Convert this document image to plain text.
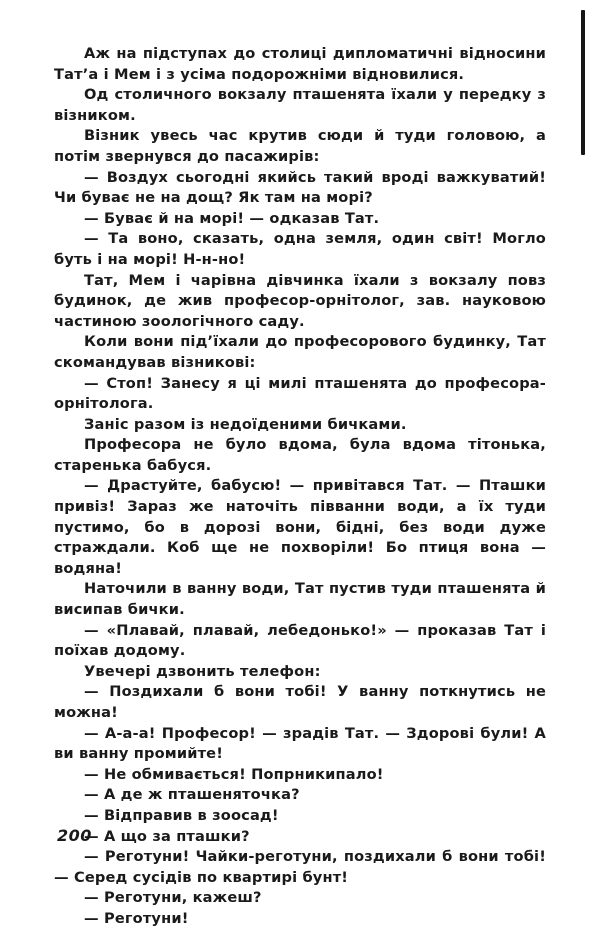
Аж на підступах до столиці дипломатичні відносини Тат’а і Мем і з усіма подорожніми відновилися.

Од столичного вокзалу пташенята їхали у передку з візником.

Візник увесь час крутив сюди й туди головою, а потім звернувся до пасажирів:

— Воздух сьогодні якийсь такий вроді важкуватий! Чи буває не на дощ? Як там на морі?

— Буває й на морі! — одказав Тат.

— Та воно, сказать, одна земля, один світ! Могло буть і на морі! Н-н-но!

Тат, Мем і чарівна дівчинка їхали з вокзалу повз будинок, де жив професор-орнітолог, зав. науковою частиною зоологічного саду.

Коли вони під’їхали до професорового будинку, Тат скомандував візникові:

— Стоп! Занесу я ці милі пташенята до професора-орнітолога.

Заніс разом із недоїденими бичками.

Професора не було вдома, була вдома тітонька, старенька бабуся.

— Драстуйте, бабусю! — привітався Тат. — Пташки привіз! Зараз же наточіть півванни води, а їх туди пустимо, бо в дорозі вони, бідні, без води дуже страждали. Коб ще не похворіли! Бо птиця вона — водяна!

Наточили в ванну води, Тат пустив туди пташенята й висипав бички.

— «Плавай, плавай, лебедонько!» — проказав Тат і поїхав додому.

Увечері дзвонить телефон:

— Поздихали б вони тобі! У ванну поткнутись не можна!

— А-а-а! Професор! — зрадів Тат. — Здорові були! А ви ванну промийте!

— Не обмивається! Попрникипало!

— А де ж пташеняточка?

— Відправив в зоосад!

— А що за пташки?

— Реготуни! Чайки-реготуни, поздихали б вони тобі! — Серед сусідів по квартирі бунт!

— Реготуни, кажеш?

— Реготуни!

200
